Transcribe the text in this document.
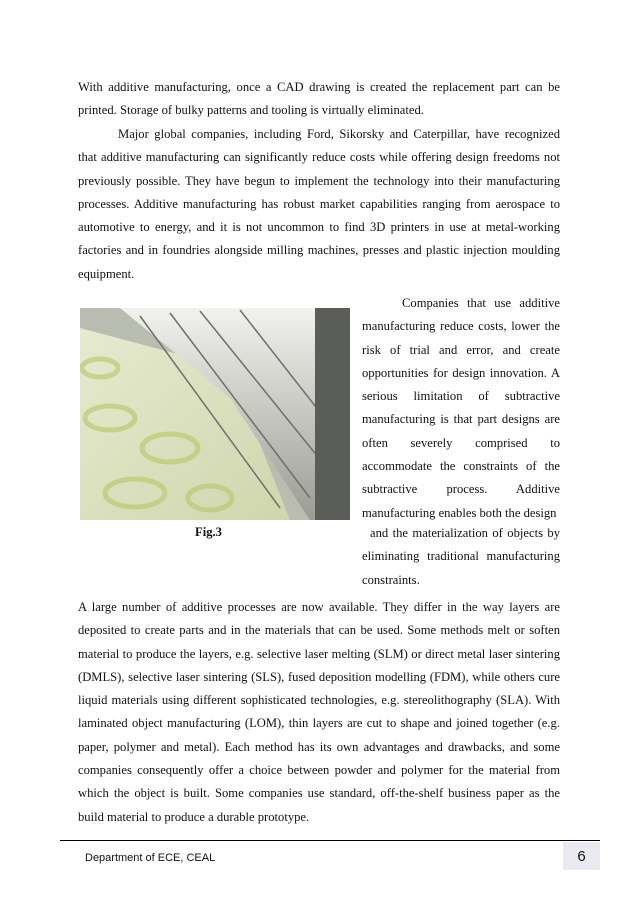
With additive manufacturing, once a CAD drawing is created the replacement part can be printed. Storage of bulky patterns and tooling is virtually eliminated.

Major global companies, including Ford, Sikorsky and Caterpillar, have recognized that additive manufacturing can significantly reduce costs while offering design freedoms not previously possible. They have begun to implement the technology into their manufacturing processes. Additive manufacturing has robust market capabilities ranging from aerospace to automotive to energy, and it is not uncommon to find 3D printers in use at metal-working factories and in foundries alongside milling machines, presses and plastic injection moulding equipment.

Fig.3

Companies that use additive manufacturing reduce costs, lower the risk of trial and error, and create opportunities for design innovation. A serious limitation of subtractive manufacturing is that part designs are often severely comprised to accommodate the constraints of the subtractive process. Additive manufacturing enables both the design

and the materialization of objects by eliminating traditional manufacturing constraints.

A large number of additive processes are now available. They differ in the way layers are deposited to create parts and in the materials that can be used. Some methods melt or soften material to produce the layers, e.g. selective laser melting (SLM) or direct metal laser sintering (DMLS), selective laser sintering (SLS), fused deposition modelling (FDM), while others cure liquid materials using different sophisticated technologies, e.g. stereolithography (SLA). With laminated object manufacturing (LOM), thin layers are cut to shape and joined together (e.g. paper, polymer and metal). Each method has its own advantages and drawbacks, and some companies consequently offer a choice between powder and polymer for the material from which the object is built. Some companies use standard, off-the-shelf business paper as the build material to produce a durable prototype.

Department of ECE, CEAL	6
